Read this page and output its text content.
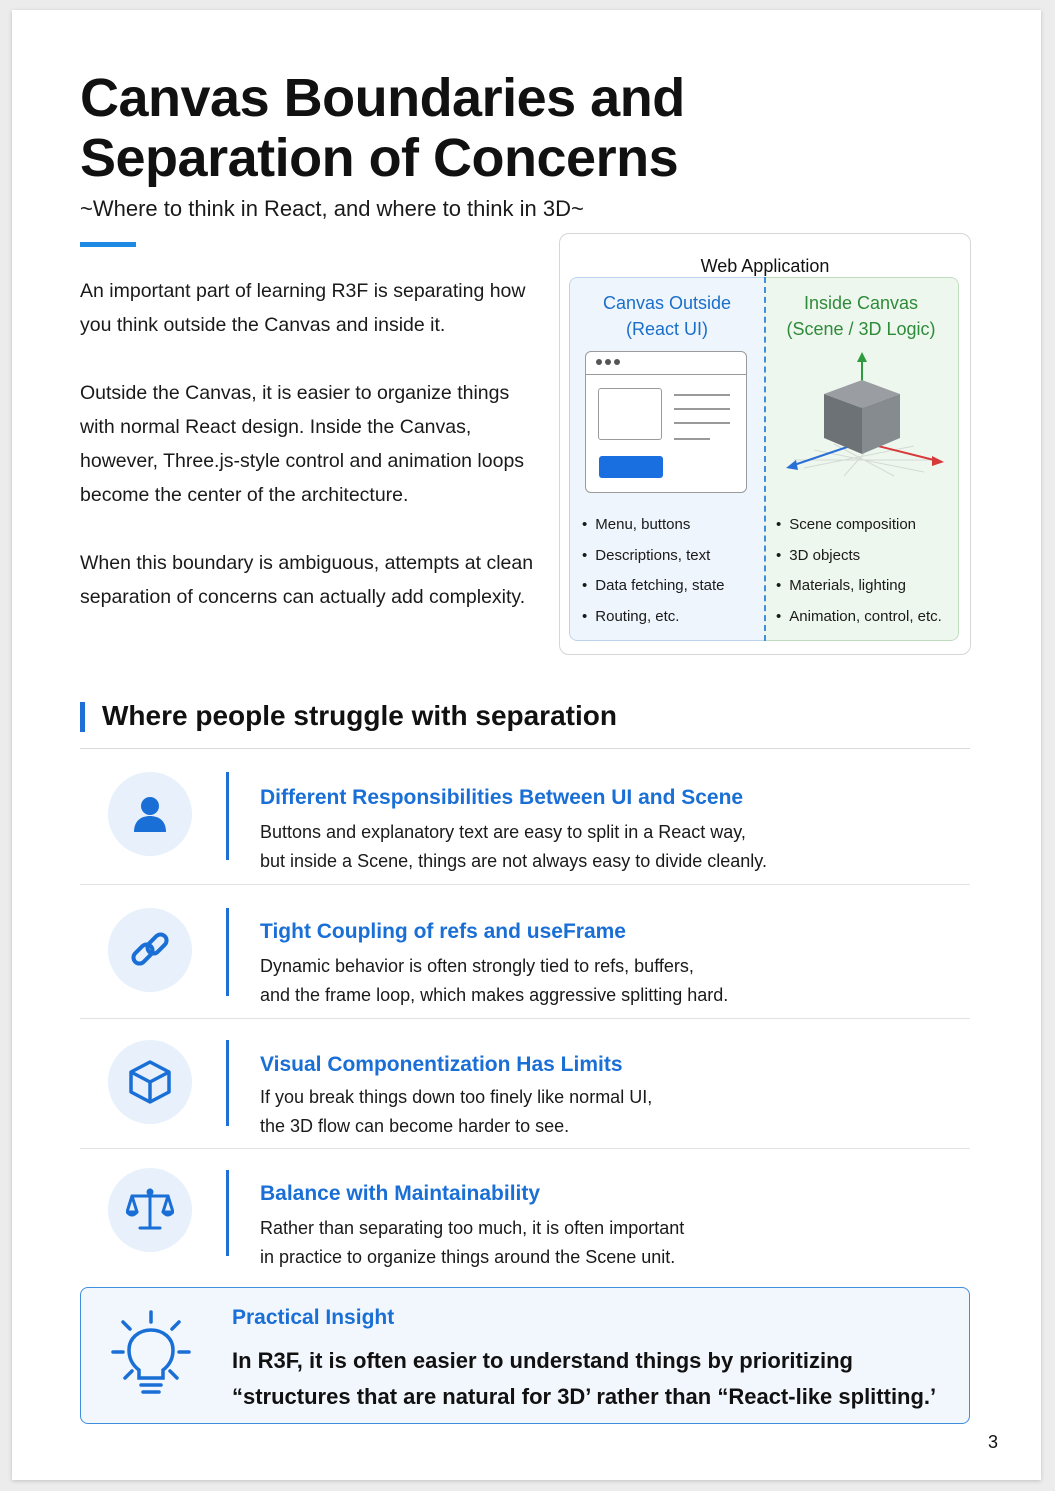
Canvas Boundaries and Separation of Concerns
~Where to think in React, and where to think in 3D~

An important part of learning R3F is separating how you think outside the Canvas and inside it.

Outside the Canvas, it is easier to organize things with normal React design. Inside the Canvas, however, Three.js-style control and animation loops become the center of the architecture.

When this boundary is ambiguous, attempts at clean separation of concerns can actually add complexity.

Web Application
Canvas Outside
(React UI)
• Menu, buttons
• Descriptions, text
• Data fetching, state
• Routing, etc.
Inside Canvas
(Scene / 3D Logic)
• Scene composition
• 3D objects
• Materials, lighting
• Animation, control, etc.
Where people struggle with separation
Different Responsibilities Between UI and Scene
Buttons and explanatory text are easy to split in a React way,
but inside a Scene, things are not always easy to divide cleanly.
Tight Coupling of refs and useFrame
Dynamic behavior is often strongly tied to refs, buffers,
and the frame loop, which makes aggressive splitting hard.
Visual Componentization Has Limits
If you break things down too finely like normal UI,
the 3D flow can become harder to see.
Balance with Maintainability
Rather than separating too much, it is often important
in practice to organize things around the Scene unit.
Practical Insight
In R3F, it is often easier to understand things by prioritizing
“structures that are natural for 3D’ rather than “React-like splitting.’
3
